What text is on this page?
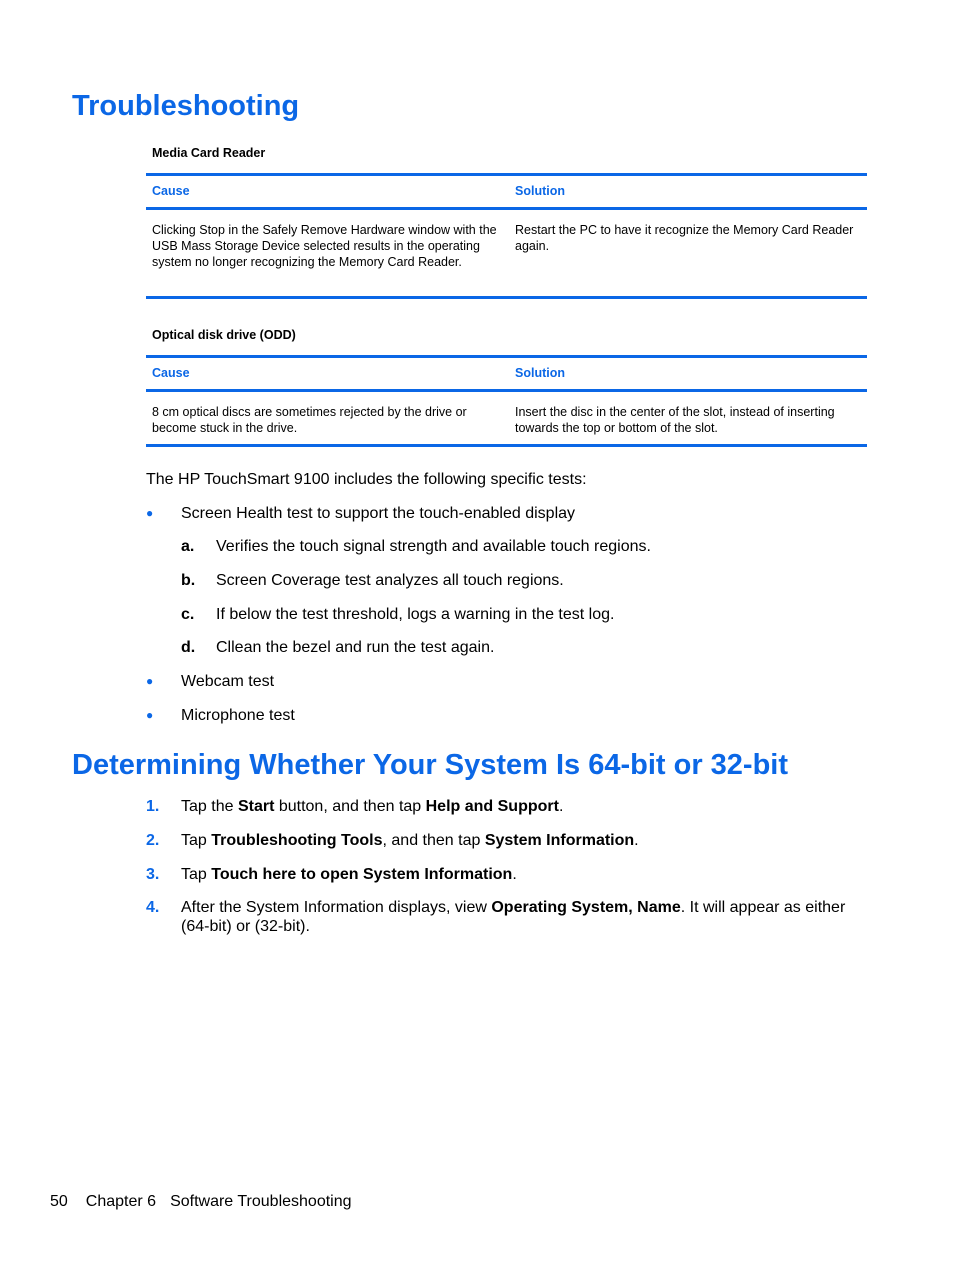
Troubleshooting
Media Card Reader
Cause	Solution
Clicking Stop in the Safely Remove Hardware window with the USB Mass Storage Device selected results in the operating system no longer recognizing the Memory Card Reader.	Restart the PC to have it recognize the Memory Card Reader again.
Optical disk drive (ODD)
Cause	Solution
8 cm optical discs are sometimes rejected by the drive or become stuck in the drive.	Insert the disc in the center of the slot, instead of inserting towards the top or bottom of the slot.
The HP TouchSmart 9100 includes the following specific tests:
● Screen Health test to support the touch-enabled display
a. Verifies the touch signal strength and available touch regions.
b. Screen Coverage test analyzes all touch regions.
c. If below the test threshold, logs a warning in the test log.
d. Cllean the bezel and run the test again.
● Webcam test
● Microphone test
Determining Whether Your System Is 64-bit or 32-bit
1. Tap the Start button, and then tap Help and Support.
2. Tap Troubleshooting Tools, and then tap System Information.
3. Tap Touch here to open System Information.
4. After the System Information displays, view Operating System, Name. It will appear as either (64-bit) or (32-bit).
50 Chapter 6 Software Troubleshooting
